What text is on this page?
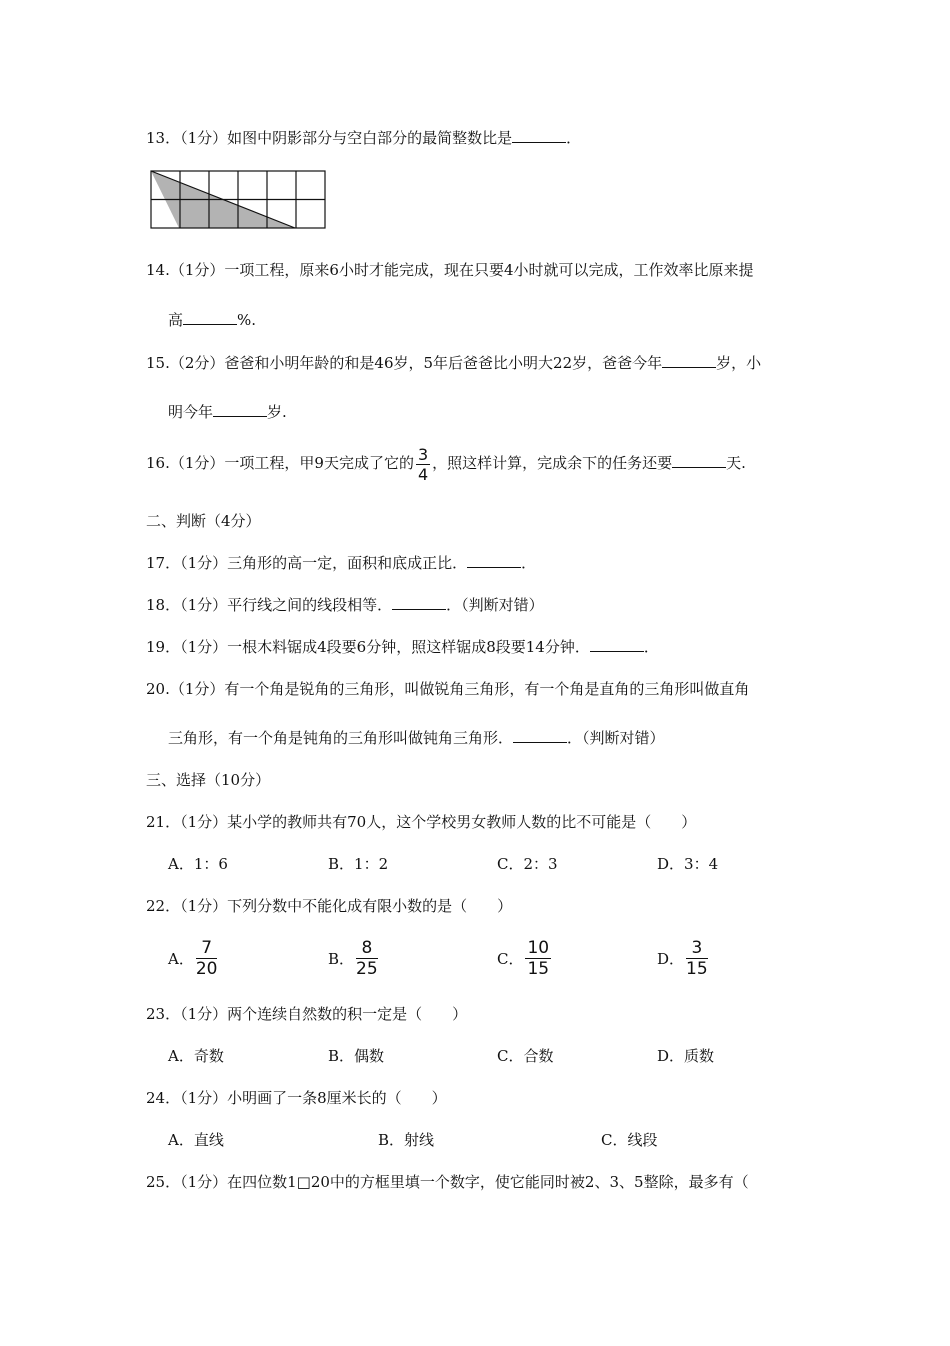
13．（1分）如图中阴影部分与空白部分的最简整数比是	．
14.（1分）一项工程，原来6小时才能完成，现在只要4小时就可以完成，工作效率比原来提
高	%.
15.（2分）爸爸和小明年龄的和是46岁，5年后爸爸比小明大22岁，爸爸今年	岁，小
明今年	岁.
16.（1分）一项工程，甲9天完成了它的 $\frac{3}{4}$ ，照这样计算，完成余下的任务还要	天.
二、判断（4分）
17．（1分）三角形的高一定，面积和底成正比．	．
18．（1分）平行线之间的线段相等．	．（判断对错）
19．（1分）一根木料锯成4段要6分钟，照这样锯成8段要14分钟．	．
20.（1分）有一个角是锐角的三角形，叫做锐角三角形，有一个角是直角的三角形叫做直角
三角形，有一个角是钝角的三角形叫做钝角三角形．	．（判断对错）
三、选择（10分）
21．（1分）某小学的教师共有70人，这个学校男女教师人数的比不可能是（　　）
A．1：6	B．1：2	C．2：3	D．3：4
22．（1分）下列分数中不能化成有限小数的是（　　）
A． $\frac{7}{20}$	B． $\frac{8}{25}$	C． $\frac{10}{15}$	D． $\frac{3}{15}$
23．（1分）两个连续自然数的积一定是（　　）
A．奇数	B．偶数	C．合数	D．质数
24．（1分）小明画了一条8厘米长的（　　）
A．直线	B．射线	C．线段
25．（1分）在四位数1□20中的方框里填一个数字，使它能同时被2、3、5整除，最多有（
